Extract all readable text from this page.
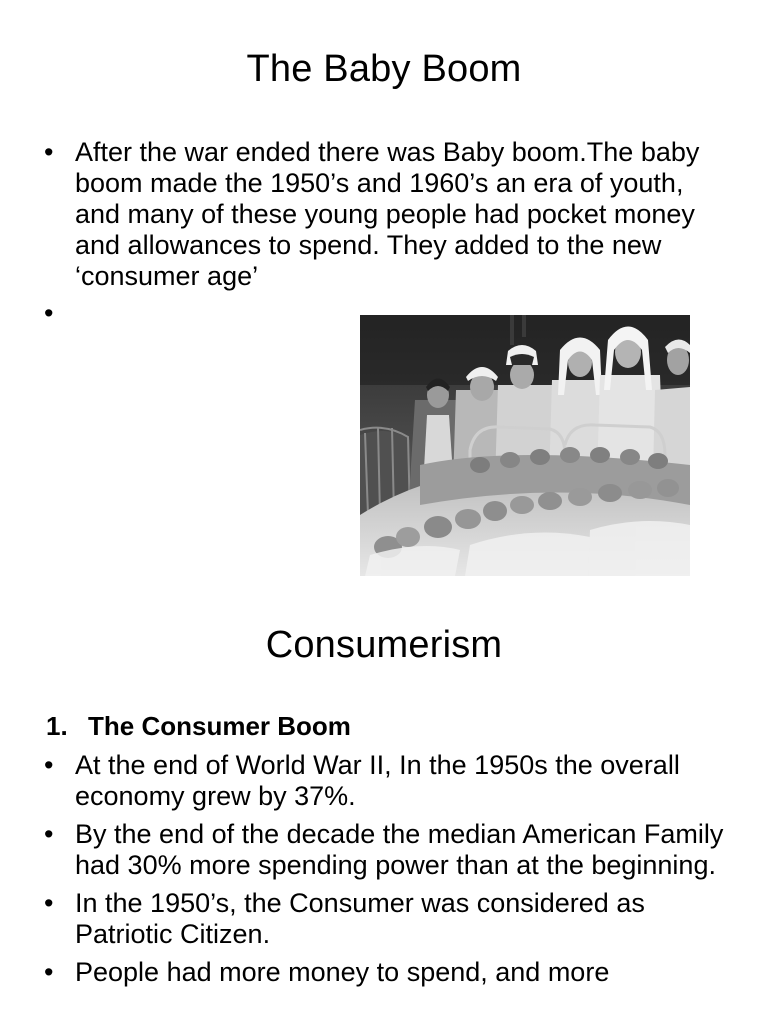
The Baby Boom
• After the war ended there was Baby boom.The baby boom made the 1950’s and 1960’s an era of youth, and many of these young people had pocket money and allowances to spend. They added to the new ‘consumer age’
•
Consumerism

1. The Consumer Boom

• At the end of World War II, In the 1950s the overall economy grew by 37%.
• By the end of the decade the median American Family had 30% more spending power than at the beginning.
• In the 1950’s, the Consumer was considered as Patriotic Citizen.
• People had more money to spend, and more
